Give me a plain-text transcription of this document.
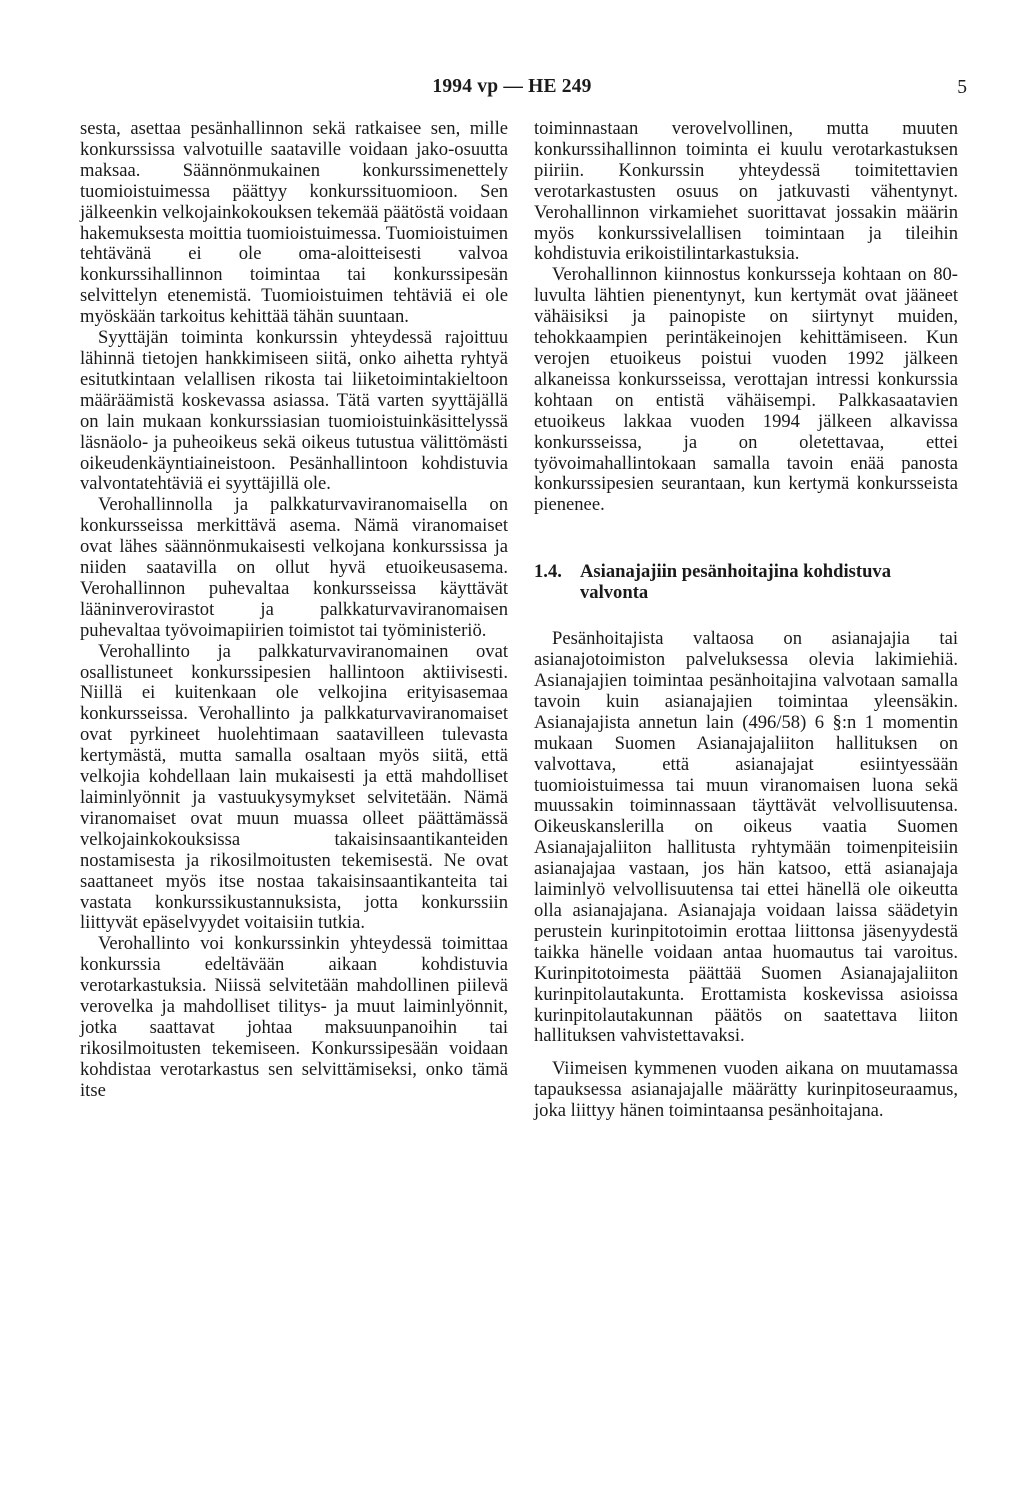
1994 vp — HE 249	5

sesta, asettaa pesänhallinnon sekä ratkaisee sen, mille konkurssissa valvotuille saataville voidaan jako-osuutta maksaa. Säännönmukainen konkurssimenettely tuomioistuimessa päättyy konkurssituomioon. Sen jälkeenkin velkojainkokouksen tekemää päätöstä voidaan hakemuksesta moittia tuomioistuimessa. Tuomioistuimen tehtävänä ei ole oma-aloitteisesti valvoa konkurssihallinnon toimintaa tai konkurssipesän selvittelyn etenemistä. Tuomioistuimen tehtäviä ei ole myöskään tarkoitus kehittää tähän suuntaan.

Syyttäjän toiminta konkurssin yhteydessä rajoittuu lähinnä tietojen hankkimiseen siitä, onko aihetta ryhtyä esitutkintaan velallisen rikosta tai liiketoimintakieltoon määräämistä koskevassa asiassa. Tätä varten syyttäjällä on lain mukaan konkurssiasian tuomioistuinkäsittelyssä läsnäolo- ja puheoikeus sekä oikeus tutustua välittömästi oikeudenkäyntiaineistoon. Pesänhallintoon kohdistuvia valvontatehtäviä ei syyttäjillä ole.

Verohallinnolla ja palkkaturvaviranomaisella on konkursseissa merkittävä asema. Nämä viranomaiset ovat lähes säännönmukaisesti velkojana konkurssissa ja niiden saatavilla on ollut hyvä etuoikeusasema. Verohallinnon puhevaltaa konkursseissa käyttävät lääninverovirastot ja palkkaturvaviranomaisen puhevaltaa työvoimapiirien toimistot tai työministeriö.

Verohallinto ja palkkaturvaviranomainen ovat osallistuneet konkurssipesien hallintoon aktiivisesti. Niillä ei kuitenkaan ole velkojina erityisasemaa konkursseissa. Verohallinto ja palkkaturvaviranomaiset ovat pyrkineet huolehtimaan saatavilleen tulevasta kertymästä, mutta samalla osaltaan myös siitä, että velkojia kohdellaan lain mukaisesti ja että mahdolliset laiminlyönnit ja vastuukysymykset selvitetään. Nämä viranomaiset ovat muun muassa olleet päättämässä velkojainkokouksissa takaisinsaantikanteiden nostamisesta ja rikosilmoitusten tekemisestä. Ne ovat saattaneet myös itse nostaa takaisinsaantikanteita tai vastata konkurssikustannuksista, jotta konkurssiin liittyvät epäselvyydet voitaisiin tutkia.

Verohallinto voi konkurssinkin yhteydessä toimittaa konkurssia edeltävään aikaan kohdistuvia verotarkastuksia. Niissä selvitetään mahdollinen piilevä verovelka ja mahdolliset tilitys- ja muut laiminlyönnit, jotka saattavat johtaa maksuunpanoihin tai rikosilmoitusten tekemiseen. Konkurssipesään voidaan kohdistaa verotarkastus sen selvittämiseksi, onko tämä itse

toiminnastaan verovelvollinen, mutta muuten konkurssihallinnon toiminta ei kuulu verotarkastuksen piiriin. Konkurssin yhteydessä toimitettavien verotarkastusten osuus on jatkuvasti vähentynyt. Verohallinnon virkamiehet suorittavat jossakin määrin myös konkurssivelallisen toimintaan ja tileihin kohdistuvia erikoistilintarkastuksia.

Verohallinnon kiinnostus konkursseja kohtaan on 80-luvulta lähtien pienentynyt, kun kertymät ovat jääneet vähäisiksi ja painopiste on siirtynyt muiden, tehokkaampien perintäkeinojen kehittämiseen. Kun verojen etuoikeus poistui vuoden 1992 jälkeen alkaneissa konkursseissa, verottajan intressi konkurssia kohtaan on entistä vähäisempi. Palkkasaatavien etuoikeus lakkaa vuoden 1994 jälkeen alkavissa konkursseissa, ja on oletettavaa, ettei työvoimahallintokaan samalla tavoin enää panosta konkurssipesien seurantaan, kun kertymä konkursseista pienenee.

1.4. Asianajajiin pesänhoitajina kohdistuva valvonta

Pesänhoitajista valtaosa on asianajajia tai asianajotoimiston palveluksessa olevia lakimiehiä. Asianajajien toimintaa pesänhoitajina valvotaan samalla tavoin kuin asianajajien toimintaa yleensäkin. Asianajajista annetun lain (496/58) 6 §:n 1 momentin mukaan Suomen Asianajajaliiton hallituksen on valvottava, että asianajajat esiintyessään tuomioistuimessa tai muun viranomaisen luona sekä muussakin toiminnassaan täyttävät velvollisuutensa. Oikeuskanslerilla on oikeus vaatia Suomen Asianajajaliiton hallitusta ryhtymään toimenpiteisiin asianajajaa vastaan, jos hän katsoo, että asianajaja laiminlyö velvollisuutensa tai ettei hänellä ole oikeutta olla asianajajana. Asianajaja voidaan laissa säädetyin perustein kurinpitotoimin erottaa liittonsa jäsenyydestä taikka hänelle voidaan antaa huomautus tai varoitus. Kurinpitotoimesta päättää Suomen Asianajajaliiton kurinpitolautakunta. Erottamista koskevissa asioissa kurinpitolautakunnan päätös on saatettava liiton hallituksen vahvistettavaksi.

Viimeisen kymmenen vuoden aikana on muutamassa tapauksessa asianajajalle määrätty kurinpitoseuraamus, joka liittyy hänen toimintaansa pesänhoitajana.
